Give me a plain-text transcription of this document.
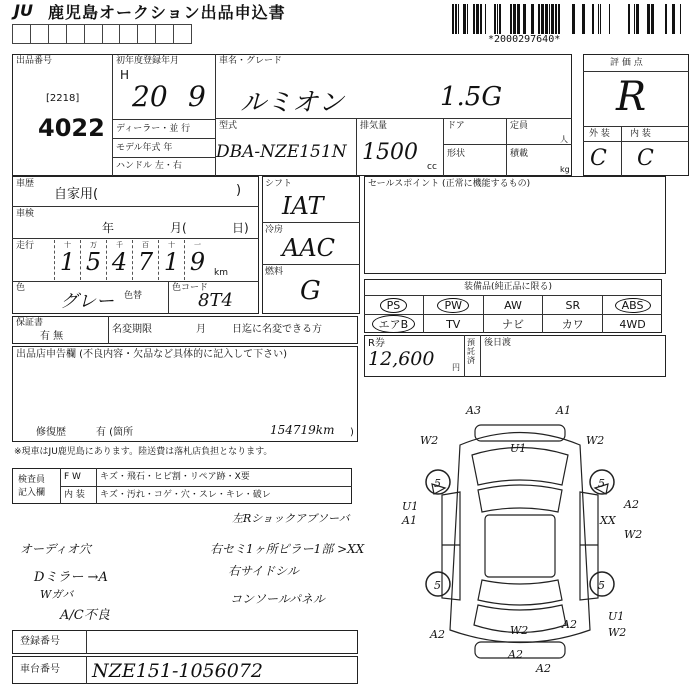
JU 鹿児島オークション出品申込書
*2000297640*
出品番号
[2218]
4022
初年度登録年月
H
20 9
ディーラー・並 行
モデル年式 年
ハンドル 左・右
車名・グレード
ルミオン	1.5G
型式
DBA-NZE151N
排気量
1500
cc
ドア	定員
人
形状	積載
kg
評 価 点
R
外 装 内 装
C C
車歴
自家用(	)
車検
年	月(	日)
走行	十
1
万
5
千
4
百
7
十
1
一
9 km
色
グレー 色替
色コード
8T4
シフト
IAT
冷房
AAC
燃料
G
セールスポイント (正常に機能するもの)
装備品(純正品に限る)
PS	PW	AW	SR	ABS
エアB	TV	ナビ	カワ	4WD
保証書
有 無
名変期限	月	日迄に名変できる方
R券
12,600 円
預託済
後日渡
出品店申告欄 (不良内容・欠品など具体的に記入して下さい)
修復歴	有 (箇所	154719km )
※現車はJU鹿児島にあります。陸送費は落札店負担となります。
検査員
記入欄
F W キズ・飛石・ヒビ割・リペア跡・X要
内 装 キズ・汚れ・コゲ・穴・スレ・キレ・破レ
左Rショックアブソーバ
オーディオ穴	右セミ1ヶ所ピラー1部 >XX
Dミラー →A	右サイドシル
Wガバ	コンソールパネル
A/C不良
登録番号
車台番号 NZE151-1056072
5	5
5	5
A3	A1
W2
U1
W2
U1
A1
A2
XX
W2
A2	W2	A2
U1
W2
A2
A2
